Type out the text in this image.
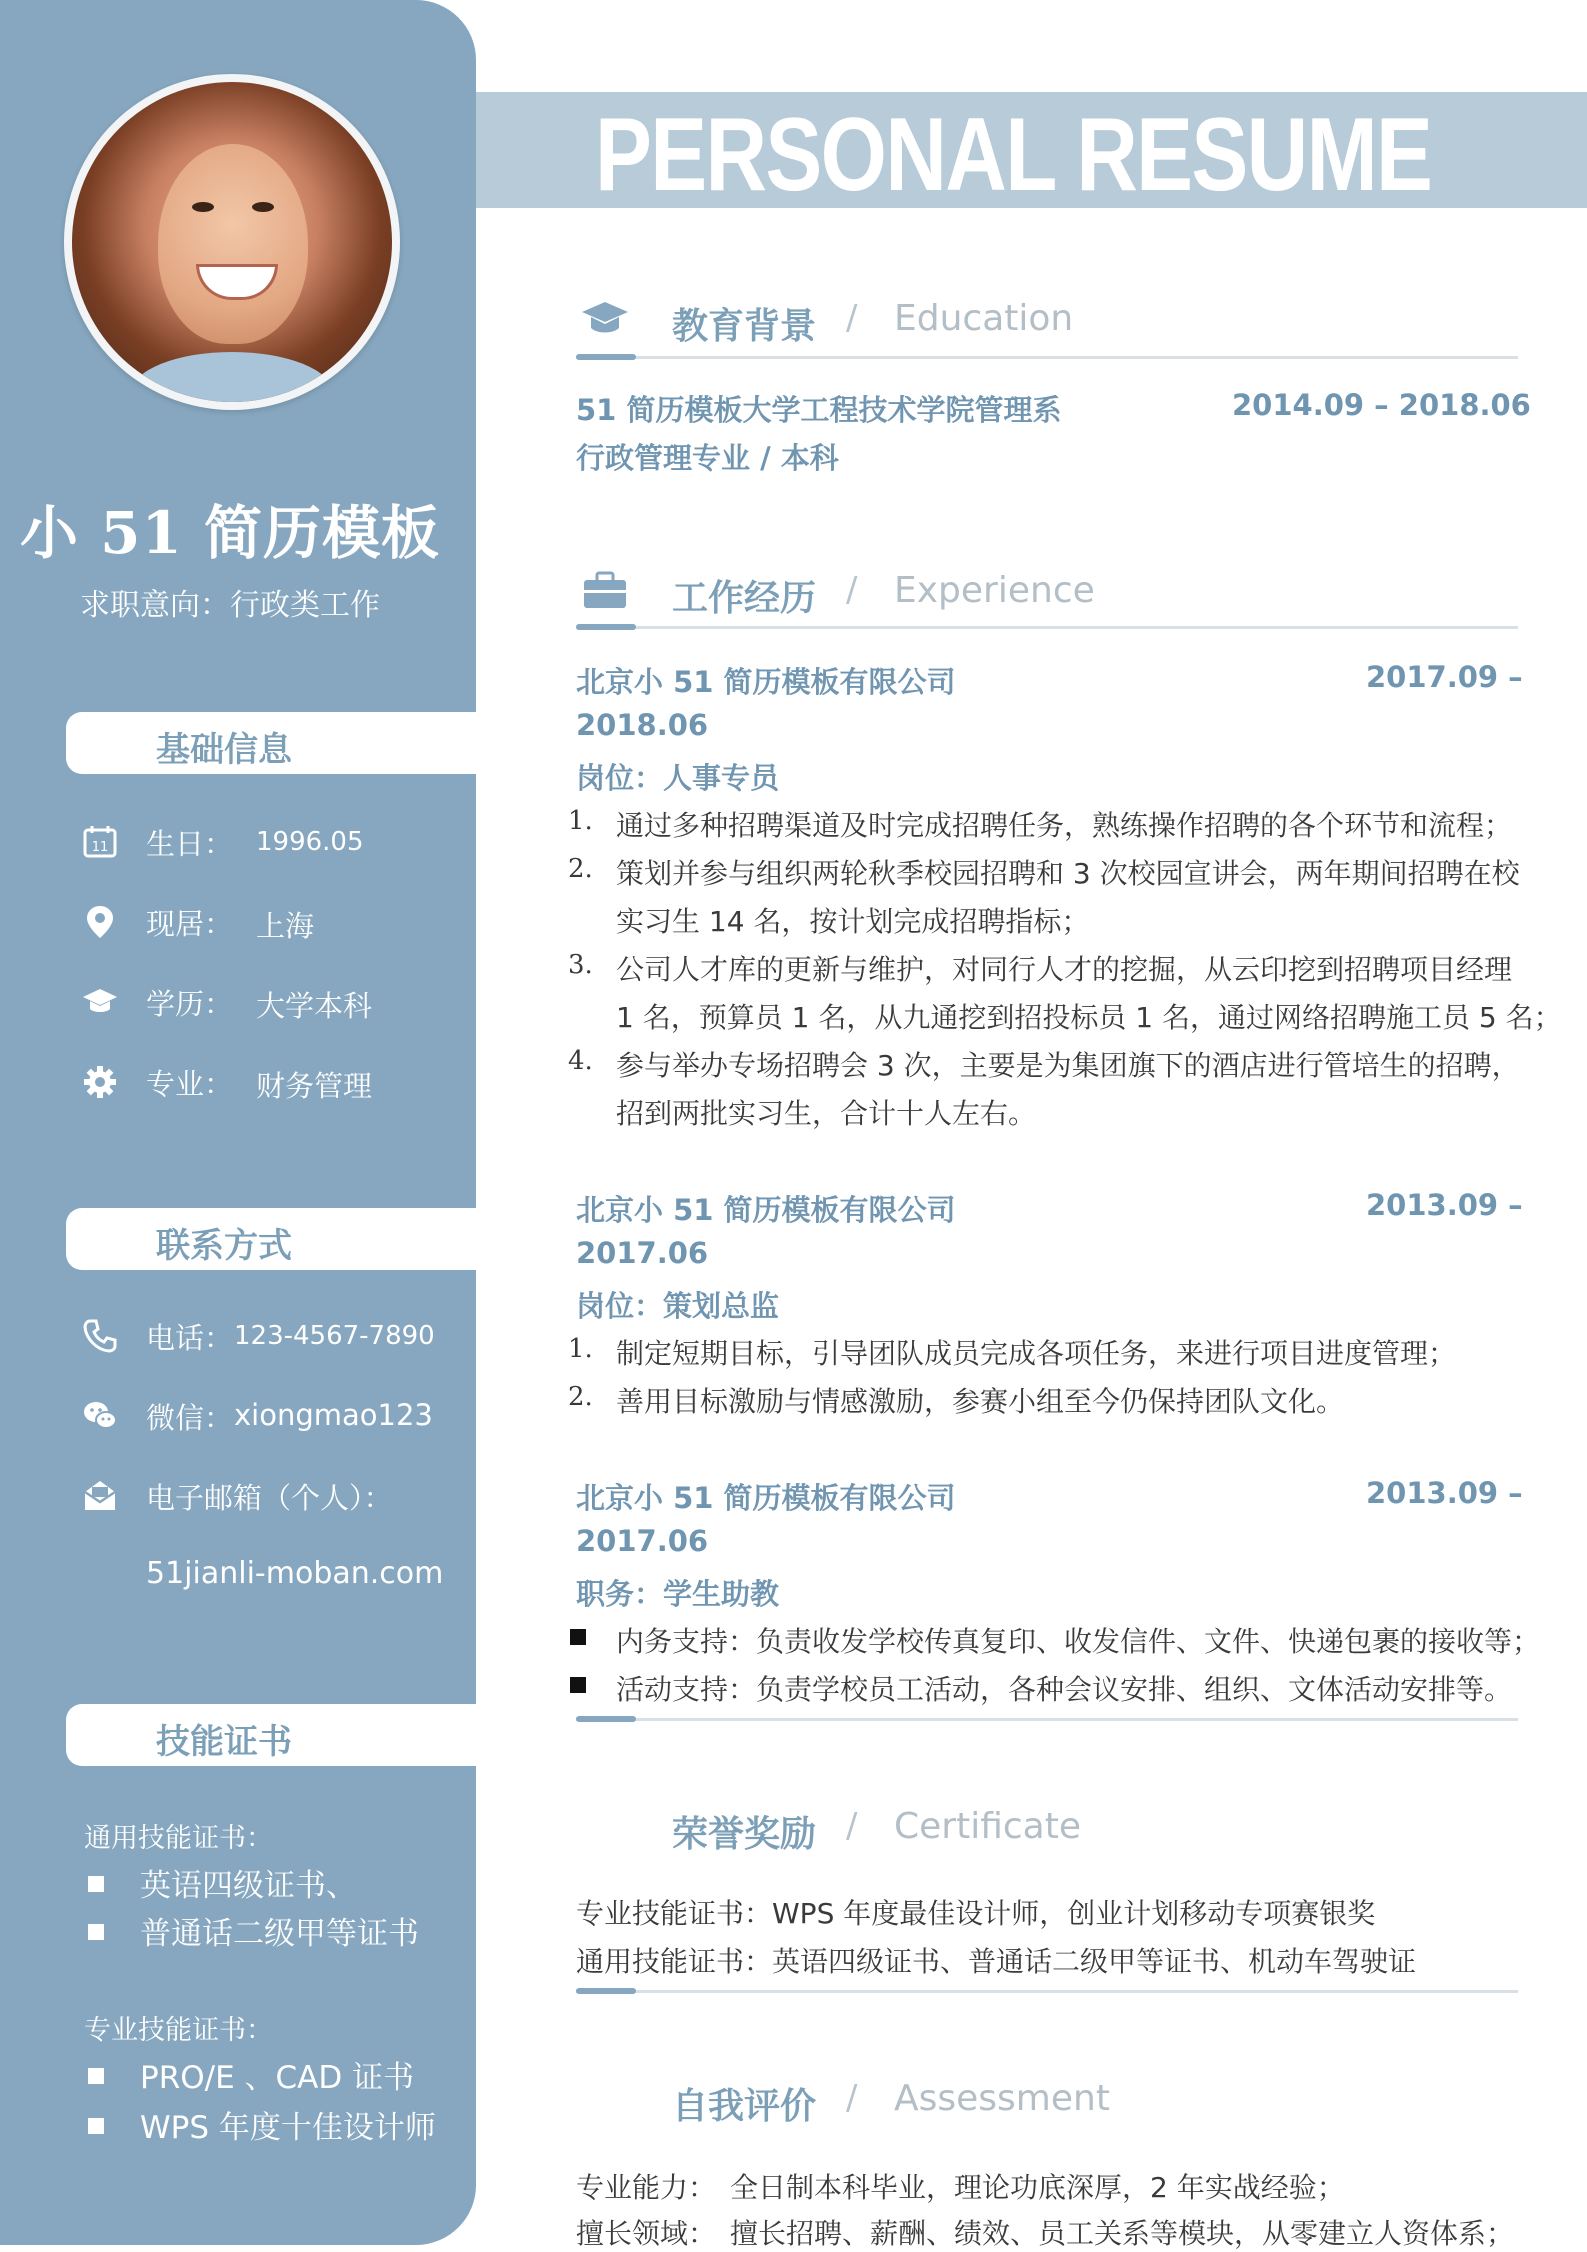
小 51 简历模板
求职意向：行政类工作
基础信息
11 生日： 1996.05
现居： 上海
学历： 大学本科
专业： 财务管理
联系方式
电话： 123-4567-7890
微信： xiongmao123
电子邮箱（个人）：
51jianli-moban.com
技能证书
通用技能证书：
英语四级证书、
普通话二级甲等证书
专业技能证书：
PRO/E 、CAD 证书
WPS 年度十佳设计师
PERSONAL RESUME
教育背景 / Education
51 简历模板大学工程技术学院管理系	2014.09 – 2018.06
行政管理专业 / 本科
工作经历 / Experience
北京小 51 简历模板有限公司	2017.09 –
2018.06
岗位：人事专员
1. 通过多种招聘渠道及时完成招聘任务，熟练操作招聘的各个环节和流程；
2. 策划并参与组织两轮秋季校园招聘和 3 次校园宣讲会，两年期间招聘在校
实习生 14 名，按计划完成招聘指标；
3. 公司人才库的更新与维护，对同行人才的挖掘，从云印挖到招聘项目经理
1 名，预算员 1 名，从九通挖到招投标员 1 名，通过网络招聘施工员 5 名；
4. 参与举办专场招聘会 3 次，主要是为集团旗下的酒店进行管培生的招聘，
招到两批实习生，合计十人左右。
北京小 51 简历模板有限公司	2013.09 –
2017.06
岗位：策划总监
1. 制定短期目标，引导团队成员完成各项任务，来进行项目进度管理；
2. 善用目标激励与情感激励，参赛小组至今仍保持团队文化。
北京小 51 简历模板有限公司	2013.09 –
2017.06
职务：学生助教
内务支持：负责收发学校传真复印、收发信件、文件、快递包裹的接收等；
活动支持：负责学校员工活动，各种会议安排、组织、文体活动安排等。
荣誉奖励 / Certificate
专业技能证书：WPS 年度最佳设计师，创业计划移动专项赛银奖
通用技能证书：英语四级证书、普通话二级甲等证书、机动车驾驶证
自我评价 / Assessment
专业能力： 全日制本科毕业，理论功底深厚，2 年实战经验；
擅长领域： 擅长招聘、薪酬、绩效、员工关系等模块，从零建立人资体系；
